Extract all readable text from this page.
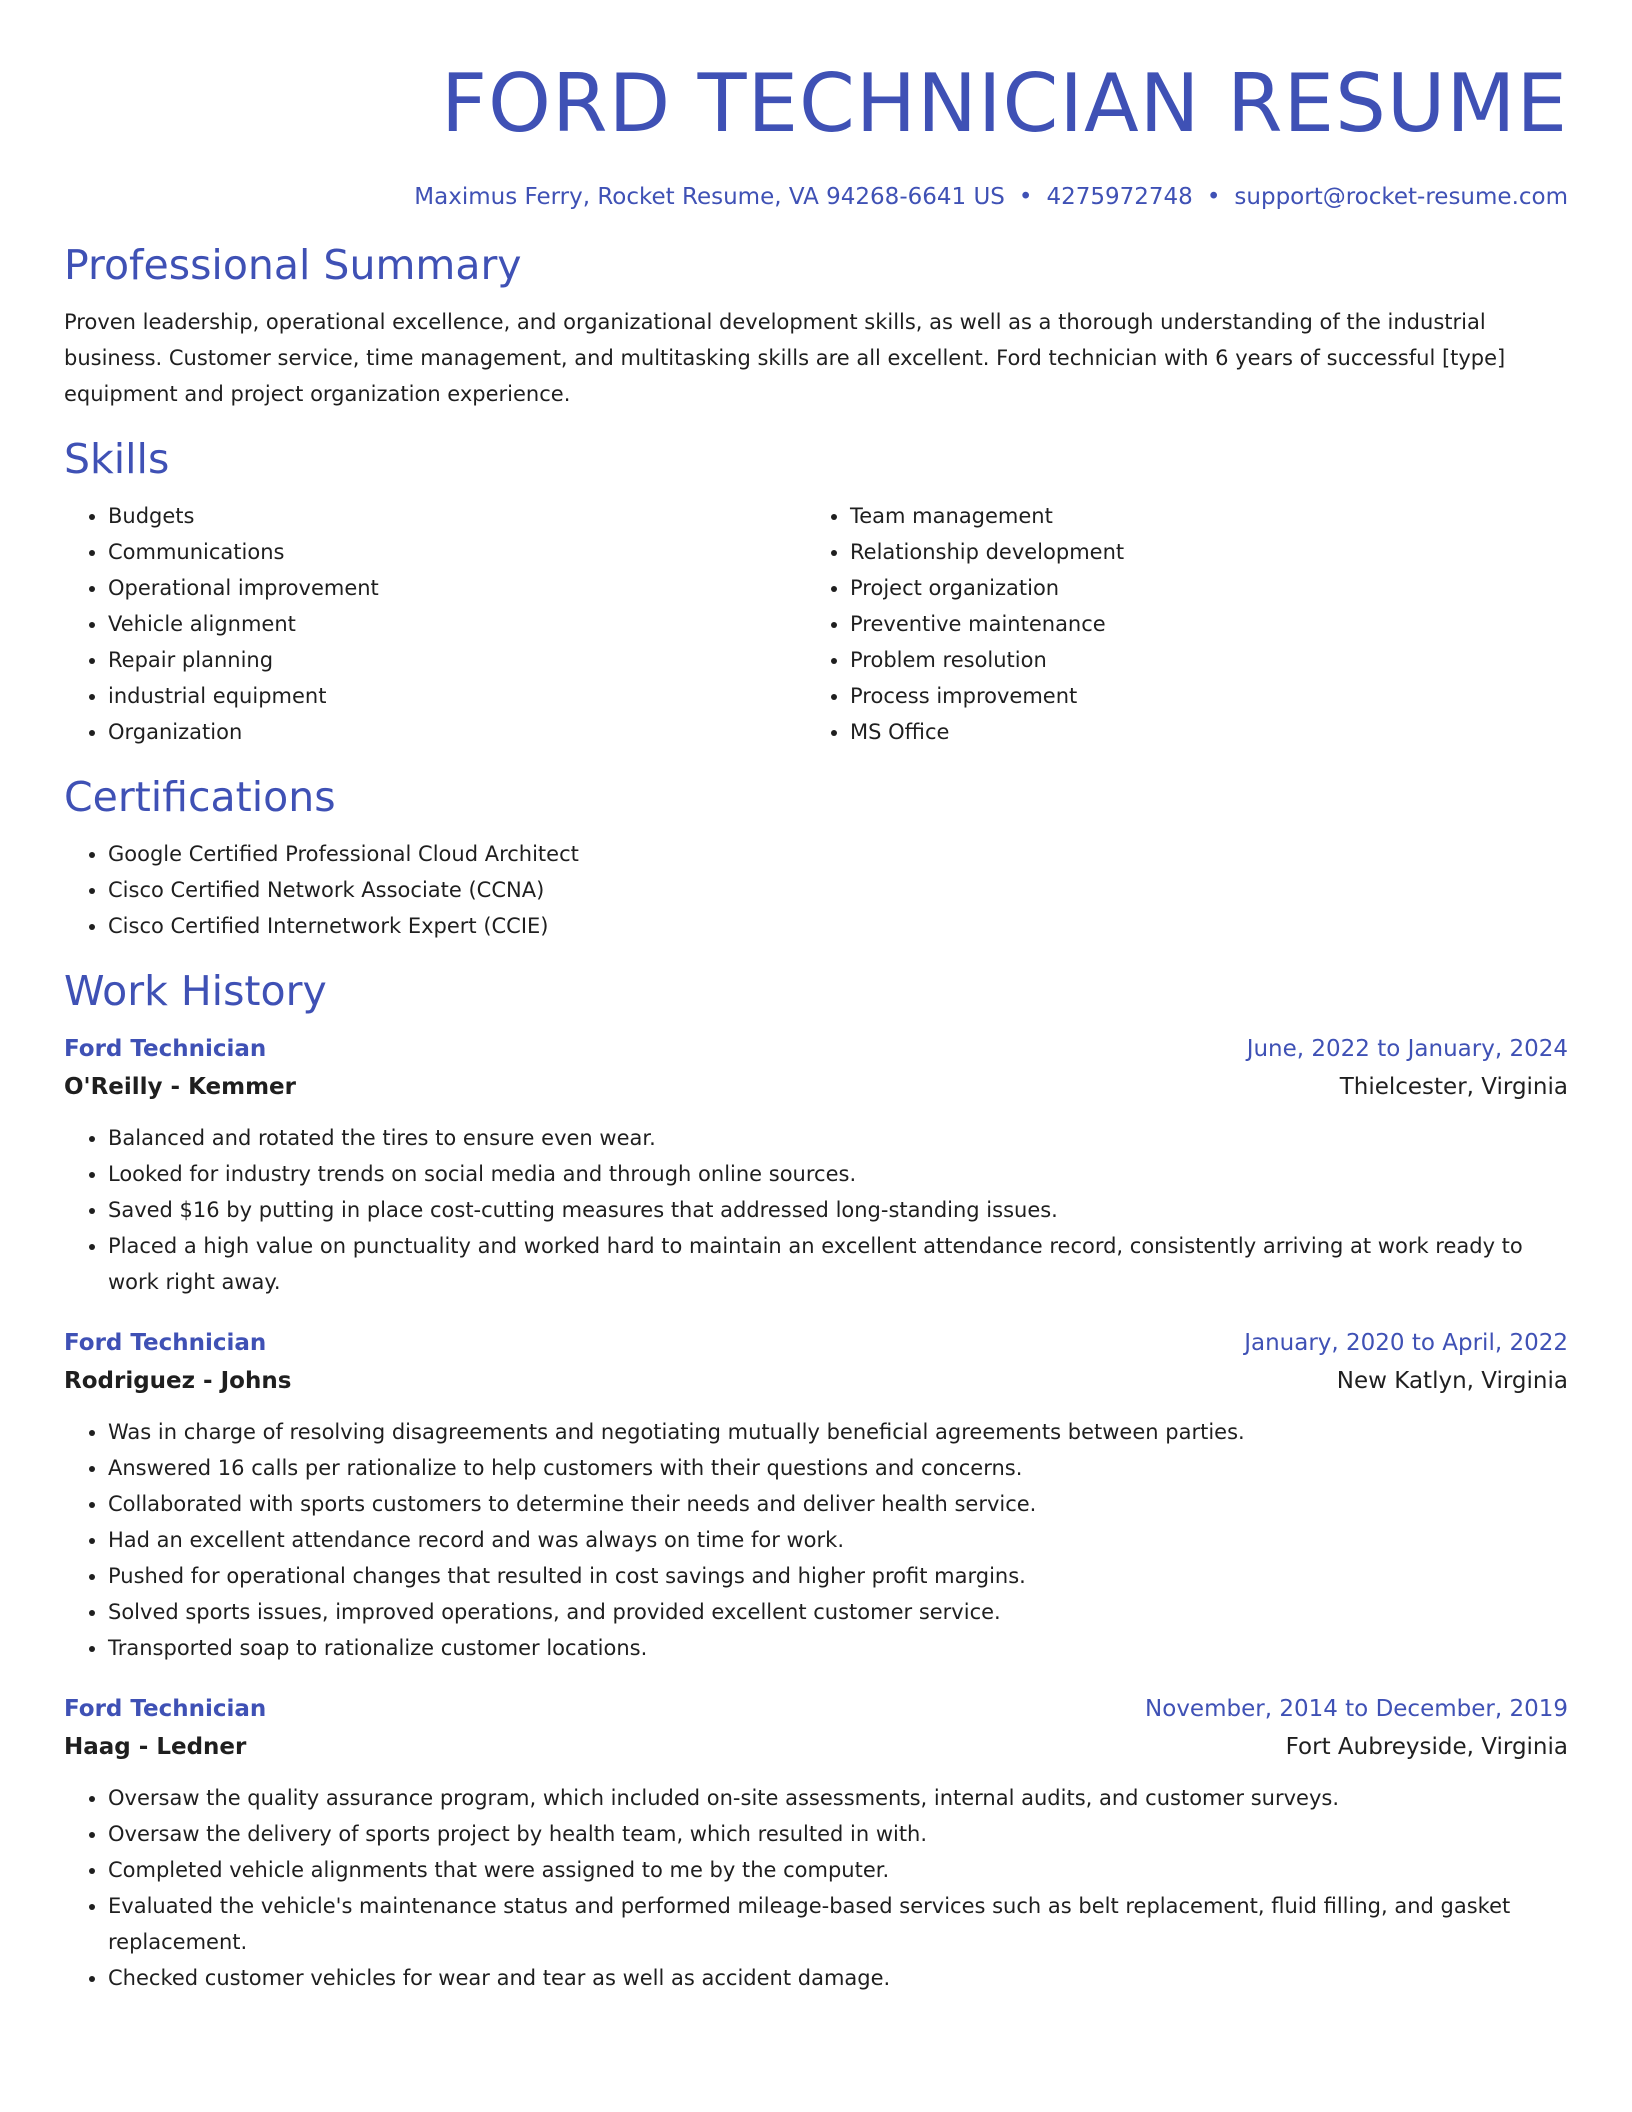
FORD TECHNICIAN RESUME
Maximus Ferry, Rocket Resume, VA 94268-6641 US • 4275972748 • support@rocket-resume.com
Professional Summary

Proven leadership, operational excellence, and organizational development skills, as well as a thorough understanding of the industrial business. Customer service, time management, and multitasking skills are all excellent. Ford technician with 6 years of successful [type] equipment and project organization experience.

Skills
• Budgets
• Communications
• Operational improvement
• Vehicle alignment
• Repair planning
• industrial equipment
• Organization
• Team management
• Relationship development
• Project organization
• Preventive maintenance
• Problem resolution
• Process improvement
• MS Office
Certifications
• Google Certified Professional Cloud Architect
• Cisco Certified Network Associate (CCNA)
• Cisco Certified Internetwork Expert (CCIE)
Work History
Ford Technician	June, 2022 to January, 2024
O'Reilly - Kemmer	Thielcester, Virginia
• Balanced and rotated the tires to ensure even wear.
• Looked for industry trends on social media and through online sources.
• Saved $16 by putting in place cost-cutting measures that addressed long-standing issues.
• Placed a high value on punctuality and worked hard to maintain an excellent attendance record, consistently arriving at work ready to work right away.
Ford Technician	January, 2020 to April, 2022
Rodriguez - Johns	New Katlyn, Virginia
• Was in charge of resolving disagreements and negotiating mutually beneficial agreements between parties.
• Answered 16 calls per rationalize to help customers with their questions and concerns.
• Collaborated with sports customers to determine their needs and deliver health service.
• Had an excellent attendance record and was always on time for work.
• Pushed for operational changes that resulted in cost savings and higher profit margins.
• Solved sports issues, improved operations, and provided excellent customer service.
• Transported soap to rationalize customer locations.
Ford Technician	November, 2014 to December, 2019
Haag - Ledner	Fort Aubreyside, Virginia
• Oversaw the quality assurance program, which included on-site assessments, internal audits, and customer surveys.
• Oversaw the delivery of sports project by health team, which resulted in with.
• Completed vehicle alignments that were assigned to me by the computer.
• Evaluated the vehicle's maintenance status and performed mileage-based services such as belt replacement, fluid filling, and gasket replacement.
• Checked customer vehicles for wear and tear as well as accident damage.
